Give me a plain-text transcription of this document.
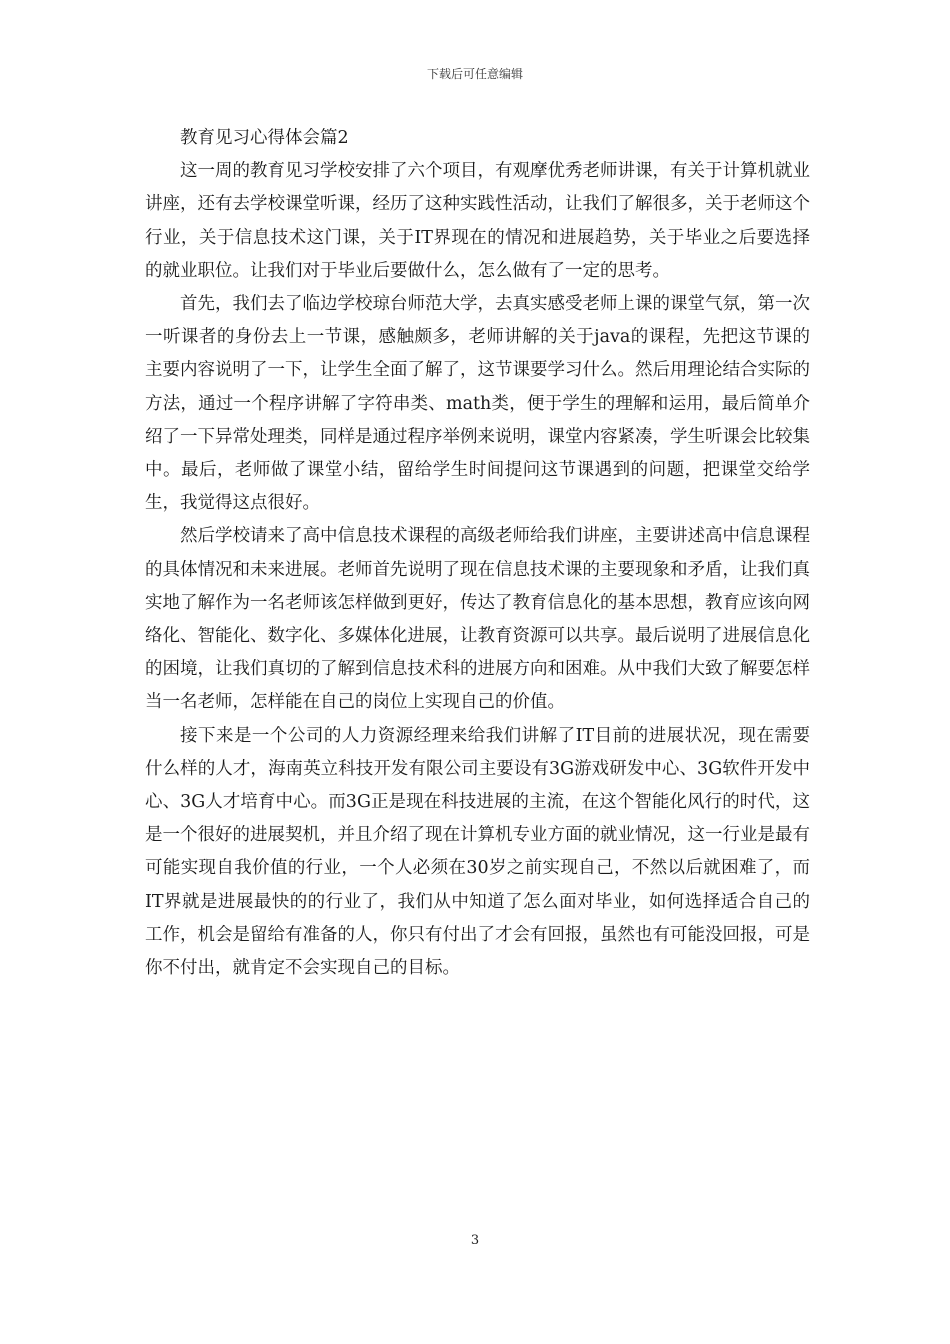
下载后可任意编辑
教育见习心得体会篇2

这一周的教育见习学校安排了六个项目，有观摩优秀老师讲课，有关于计算机就业讲座，还有去学校课堂听课，经历了这种实践性活动，让我们了解很多，关于老师这个行业，关于信息技术这门课，关于IT界现在的情况和进展趋势，关于毕业之后要选择的就业职位。让我们对于毕业后要做什么，怎么做有了一定的思考。

首先，我们去了临边学校琼台师范大学，去真实感受老师上课的课堂气氛，第一次一听课者的身份去上一节课，感触颇多，老师讲解的关于java的课程，先把这节课的主要内容说明了一下，让学生全面了解了，这节课要学习什么。然后用理论结合实际的方法，通过一个程序讲解了字符串类、math类，便于学生的理解和运用，最后简单介绍了一下异常处理类，同样是通过程序举例来说明，课堂内容紧凑，学生听课会比较集中。最后，老师做了课堂小结，留给学生时间提问这节课遇到的问题，把课堂交给学生，我觉得这点很好。

然后学校请来了高中信息技术课程的高级老师给我们讲座，主要讲述高中信息课程的具体情况和未来进展。老师首先说明了现在信息技术课的主要现象和矛盾，让我们真实地了解作为一名老师该怎样做到更好，传达了教育信息化的基本思想，教育应该向网络化、智能化、数字化、多媒体化进展，让教育资源可以共享。最后说明了进展信息化的困境，让我们真切的了解到信息技术科的进展方向和困难。从中我们大致了解要怎样当一名老师，怎样能在自己的岗位上实现自己的价值。

接下来是一个公司的人力资源经理来给我们讲解了IT目前的进展状况，现在需要什么样的人才，海南英立科技开发有限公司主要设有3G游戏研发中心、3G软件开发中心、3G人才培育中心。而3G正是现在科技进展的主流，在这个智能化风行的时代，这是一个很好的进展契机，并且介绍了现在计算机专业方面的就业情况，这一行业是最有可能实现自我价值的行业，一个人必须在30岁之前实现自己，不然以后就困难了，而IT界就是进展最快的的行业了，我们从中知道了怎么面对毕业，如何选择适合自己的工作，机会是留给有准备的人，你只有付出了才会有回报，虽然也有可能没回报，可是你不付出，就肯定不会实现自己的目标。

3
